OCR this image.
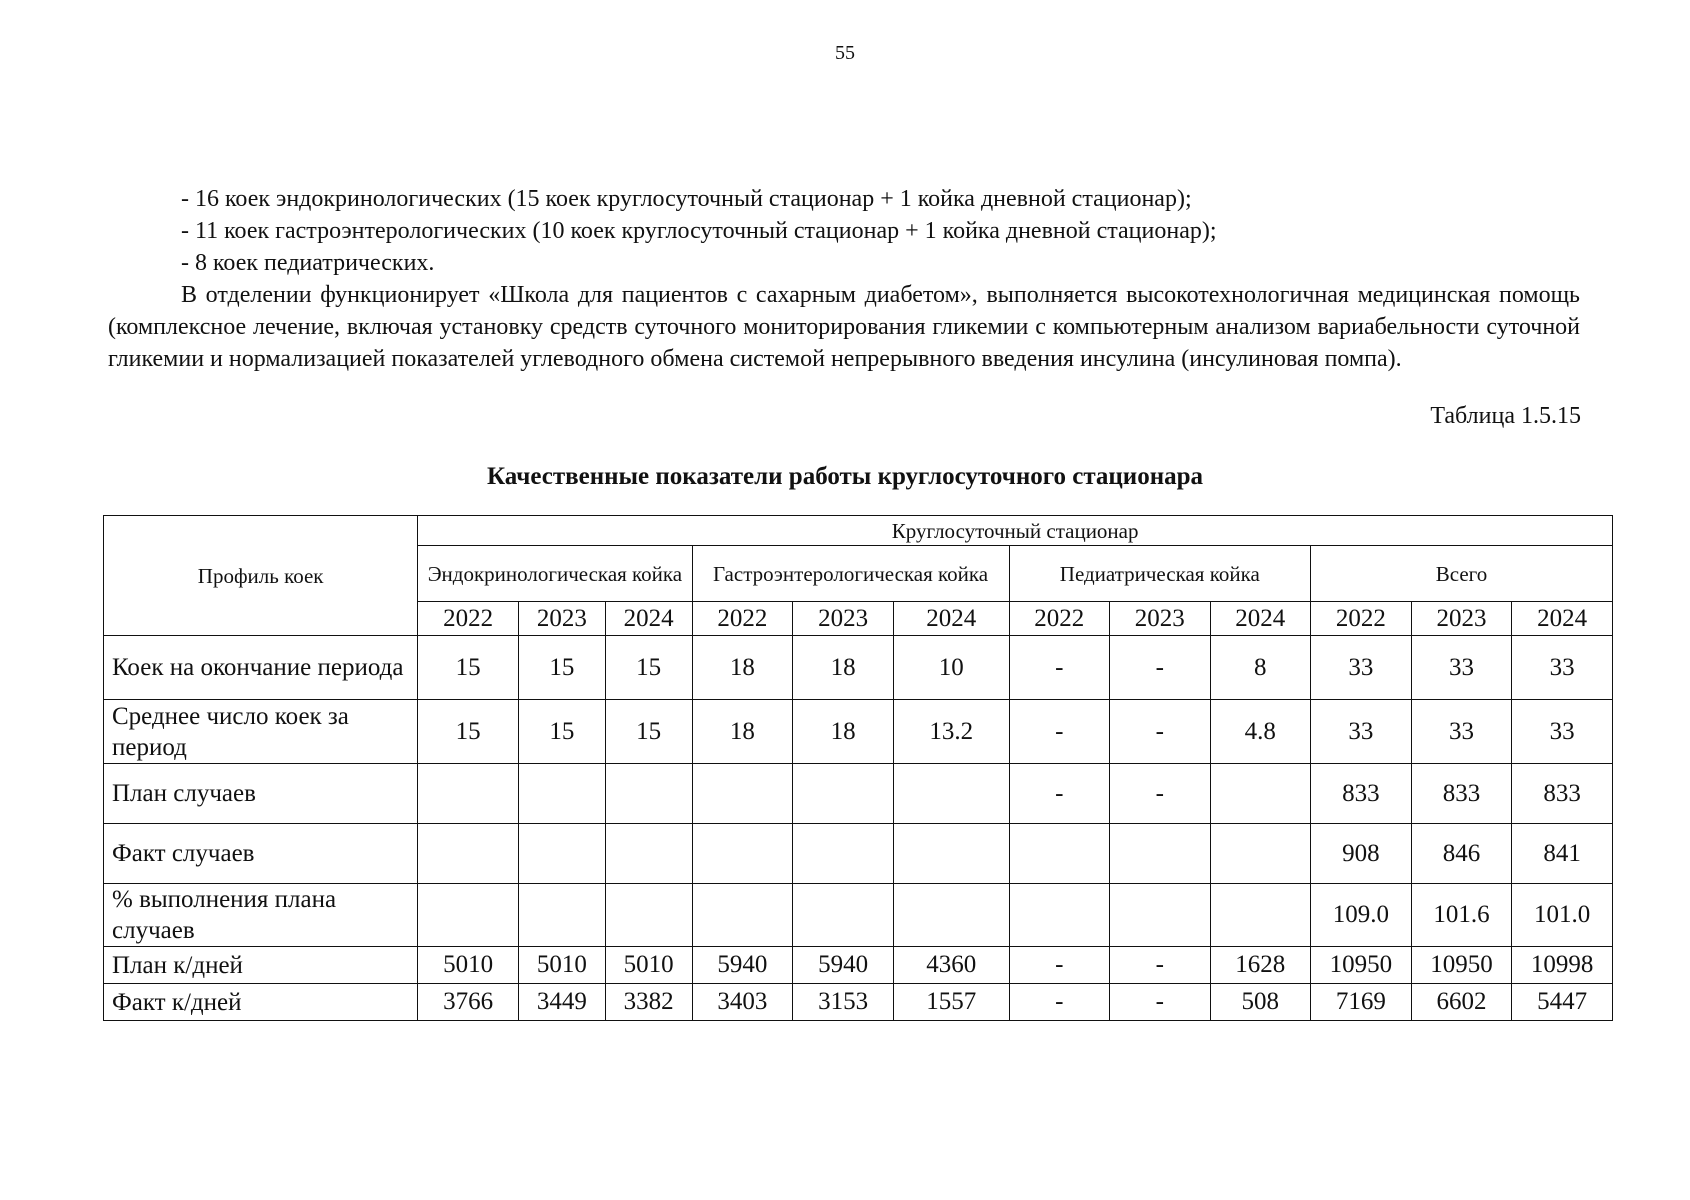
55

- 16 коек эндокринологических (15 коек круглосуточный стационар + 1 койка дневной стационар);

- 11 коек гастроэнтерологических (10 коек круглосуточный стационар + 1 койка дневной стационар);

- 8 коек педиатрических.

В отделении функционирует «Школа для пациентов с сахарным диабетом», выполняется высокотехнологичная медицинская помощь (комплексное лечение, включая установку средств суточного мониторирования гликемии с компьютерным анализом вариабельности суточной гликемии и нормализацией показателей углеводного обмена системой непрерывного введения инсулина (инсулиновая помпа).

Таблица 1.5.15
Качественные показатели работы круглосуточного стационара
Профиль коек	Круглосуточный стационар											
	Эндокринологическая койка			Гастроэнтерологическая койка			Педиатрическая койка			Всего		
	2022	2023	2024	2022	2023	2024	2022	2023	2024	2022	2023	2024
Коек на окончание периода	15	15	15	18	18	10	-	-	8	33	33	33
Среднее число коек за период	15	15	15	18	18	13.2	-	-	4.8	33	33	33
План случаев							-	-		833	833	833
Факт случаев										908	846	841
% выполнения плана случаев										109.0	101.6	101.0
План к/дней	5010	5010	5010	5940	5940	4360	-	-	1628	10950	10950	10998
Факт к/дней	3766	3449	3382	3403	3153	1557	-	-	508	7169	6602	5447
